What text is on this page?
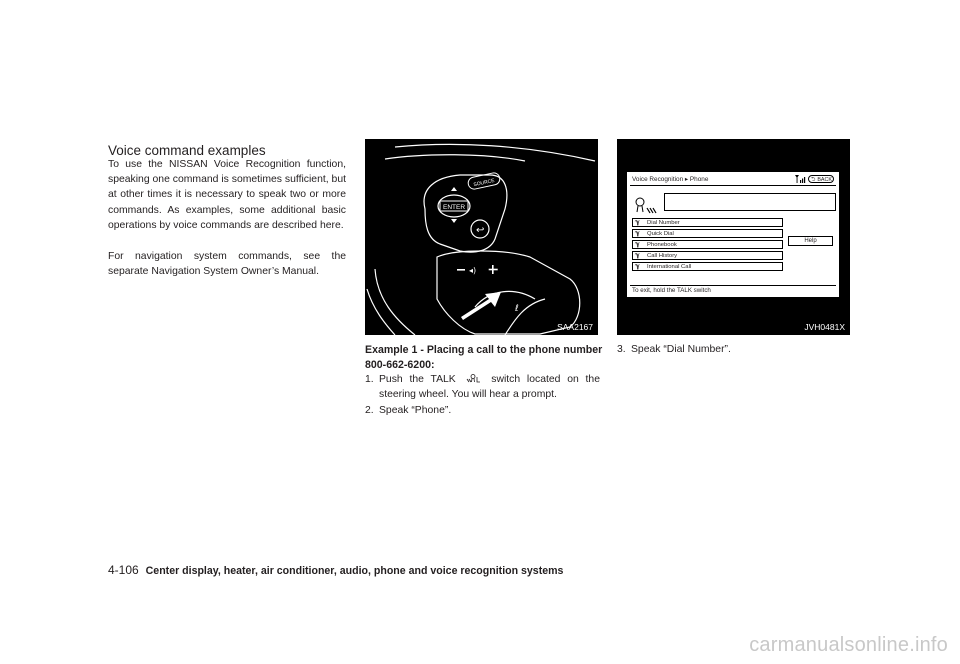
Voice command examples
To use the NISSAN Voice Recognition function, speaking one command is sometimes sufficient, but at other times it is necessary to speak two or more commands. As examples, some additional basic operations by voice commands are described here.
For navigation system commands, see the separate Navigation System Owner’s Manual.
SOURCE
ENTER
↩
◂)
ℓ
SAA2167
Voice Recognition ▸ Phone	⮌ BACK
ℽ Dial Number
ℽ Quick Dial
ℽ Phonebook
ℽ Call History
ℽ International Call
Help
To exit, hold the TALK switch
JVH0481X
Example 1 - Placing a call to the phone number 800-662-6200:
1. Push the TALK	switch located on the steering wheel. You will hear a prompt.
2. Speak “Phone”.
3. Speak “Dial Number”.
4-106 Center display, heater, air conditioner, audio, phone and voice recognition systems
carmanualsonline.info
